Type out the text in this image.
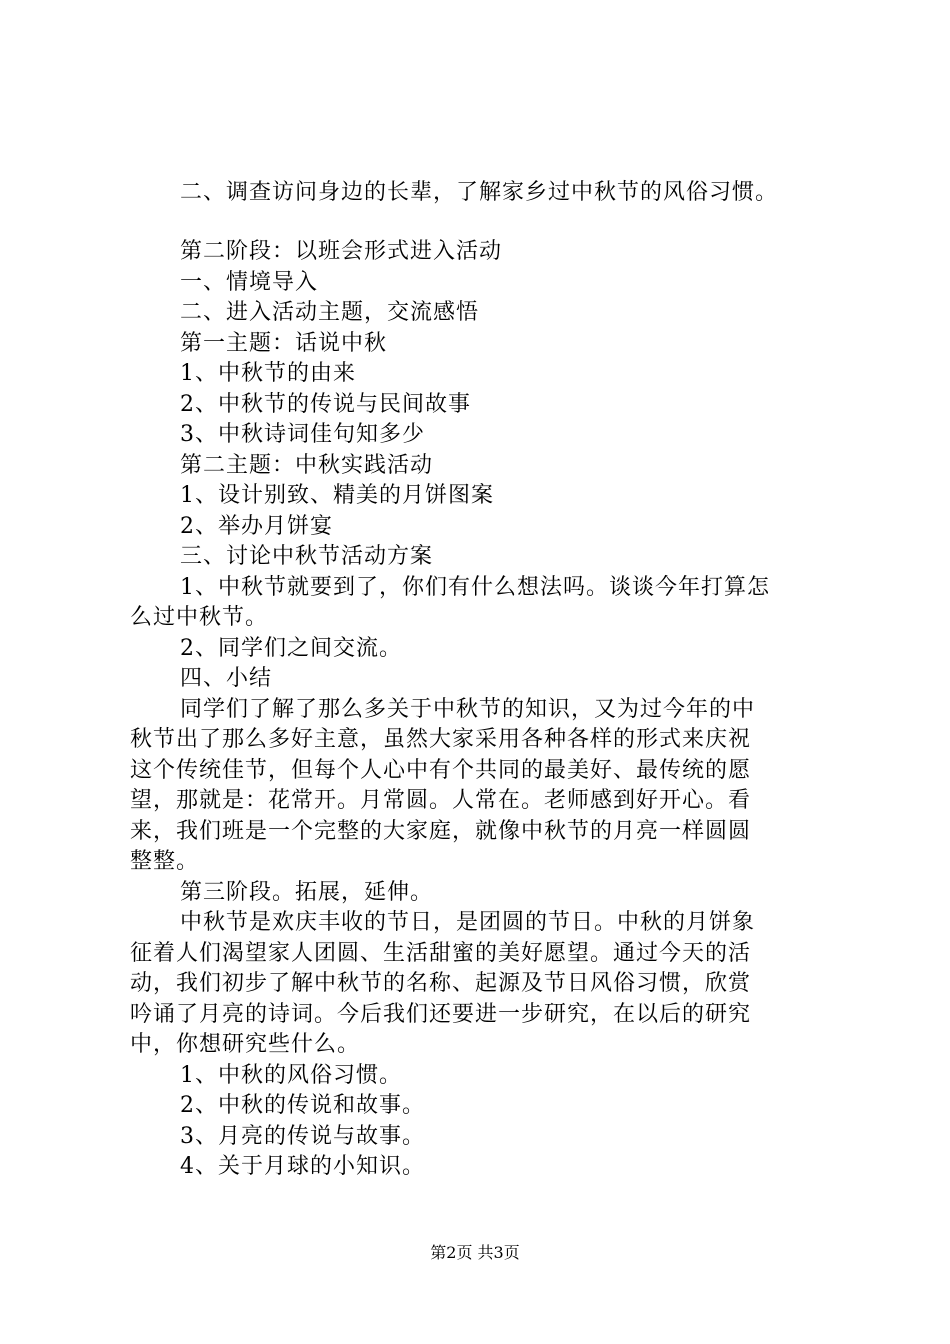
二、调查访问身边的长辈，了解家乡过中秋节的风俗习惯。
第二阶段：以班会形式进入活动
一、情境导入
二、进入活动主题，交流感悟
第一主题：话说中秋
1、中秋节的由来
2、中秋节的传说与民间故事
3、中秋诗词佳句知多少
第二主题：中秋实践活动
1、设计别致、精美的月饼图案
2、举办月饼宴
三、讨论中秋节活动方案
1、中秋节就要到了，你们有什么想法吗。谈谈今年打算怎
么过中秋节。
2、同学们之间交流。
四、小结
同学们了解了那么多关于中秋节的知识，又为过今年的中
秋节出了那么多好主意，虽然大家采用各种各样的形式来庆祝
这个传统佳节，但每个人心中有个共同的最美好、最传统的愿
望，那就是：花常开。月常圆。人常在。老师感到好开心。看
来，我们班是一个完整的大家庭，就像中秋节的月亮一样圆圆
整整。
第三阶段。拓展，延伸。
中秋节是欢庆丰收的节日，是团圆的节日。中秋的月饼象
征着人们渴望家人团圆、生活甜蜜的美好愿望。通过今天的活
动，我们初步了解中秋节的名称、起源及节日风俗习惯，欣赏
吟诵了月亮的诗词。今后我们还要进一步研究，在以后的研究
中，你想研究些什么。
1、中秋的风俗习惯。
2、中秋的传说和故事。
3、月亮的传说与故事。
4、关于月球的小知识。
第2页 共3页
